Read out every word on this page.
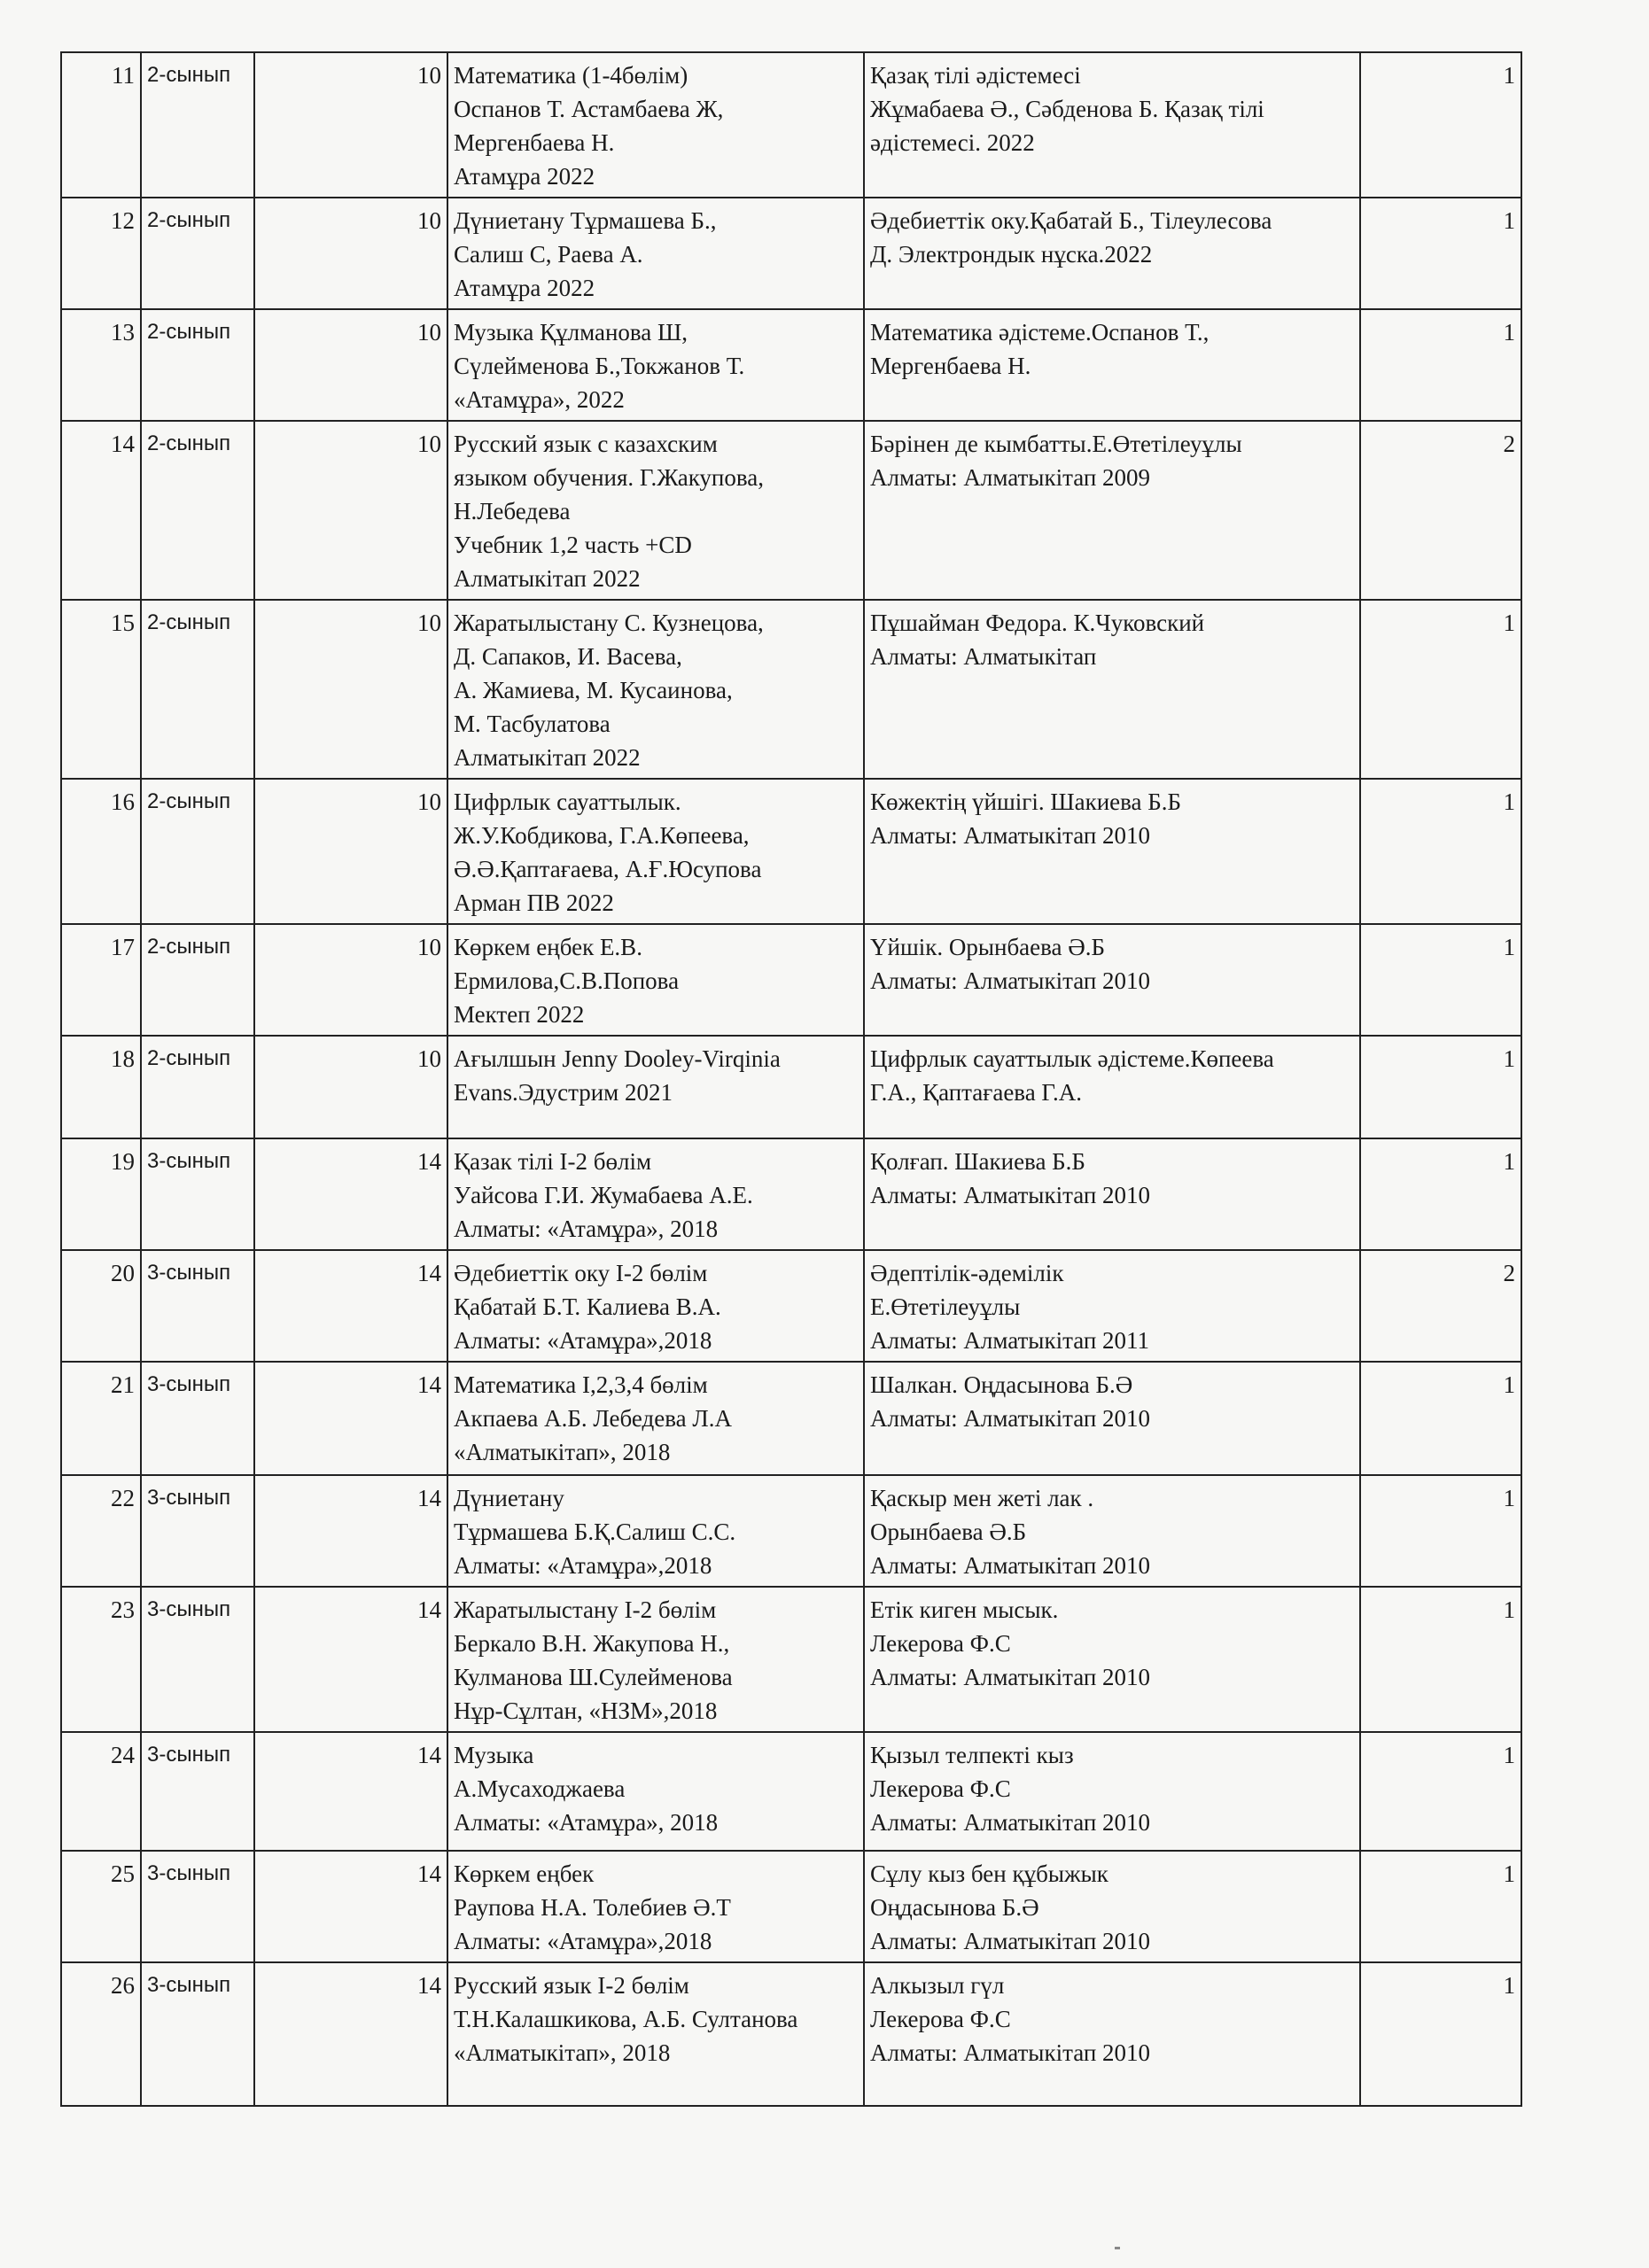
11	2-сынып	10	Математика (1-4бөлім)
Оспанов Т. Астамбаева Ж,
Мергенбаева Н.
Атамұра 2022	Қазақ тілі әдістемесі
Жұмабаева Ә., Сәбденова Б. Қазақ тілі
әдістемесі. 2022	1
12	2-сынып	10	Дүниетану Тұрмашева Б.,
Салиш С, Раева А.
Атамұра 2022	Әдебиеттік оку.Қабатай Б., Тілеулесова
Д. Электрондык нұска.2022	1
13	2-сынып	10	Музыка Құлманова Ш,
Сүлейменова Б.,Токжанов Т.
«Атамұра», 2022	Математика әдістеме.Оспанов Т.,
Мергенбаева Н.	1
14	2-сынып	10	Русский язык с казахским
языком обучения. Г.Жакупова,
Н.Лебедева
Учебник 1,2 часть +CD
Алматыкітап 2022	Бәрінен де кымбатты.Е.Өтетілеуұлы
Алматы: Алматыкітап 2009	2
15	2-сынып	10	Жаратылыстану С. Кузнецова,
Д. Сапаков, И. Васева,
А. Жамиева, М. Кусаинова,
М. Тасбулатова
Алматыкітап 2022	Пұшайман Федора. К.Чуковский
Алматы: Алматыкітап	1
16	2-сынып	10	Цифрлык сауаттылык.
Ж.У.Кобдикова, Г.А.Көпеева,
Ә.Ә.Қаптағаева, А.Ғ.Юсупова
Арман ПВ 2022	Көжектің үйшігі. Шакиева Б.Б
Алматы: Алматыкітап 2010	1
17	2-сынып	10	Көркем еңбек Е.В.
Ермилова,С.В.Попова
Мектеп 2022	Үйшік. Орынбаева Ә.Б
Алматы: Алматыкітап 2010	1
18	2-сынып	10	Ағылшын Jenny Dooley-Virqinia
Evans.Эдустрим 2021	Цифрлык сауаттылык әдістеме.Көпеева
Г.А., Қаптағаева Г.А.	1
19	3-сынып	14	Қазак тілі І-2 бөлім
Уайсова Г.И. Жумабаева А.Е.
Алматы: «Атамұра», 2018	Қолғап. Шакиева Б.Б
Алматы: Алматыкітап 2010	1
20	3-сынып	14	Әдебиеттік оку І-2 бөлім
Қабатай Б.Т. Калиева В.А.
Алматы: «Атамұра»,2018	Әдептілік-әдемілік
Е.Өтетілеуұлы
Алматы: Алматыкітап 2011	2
21	3-сынып	14	Математика І,2,3,4 бөлім
Акпаева А.Б. Лебедева Л.А
«Алматыкітап», 2018	Шалкан. Оңдасынова Б.Ә
Алматы: Алматыкітап 2010	1
22	3-сынып	14	Дүниетану
Тұрмашева Б.Қ.Салиш С.С.
Алматы: «Атамұра»,2018	Қаскыр мен жеті лак .
Орынбаева Ә.Б
Алматы: Алматыкітап 2010	1
23	3-сынып	14	Жаратылыстану І-2 бөлім
Беркало В.Н. Жакупова Н.,
Кулманова Ш.Сулейменова
Нұр-Сұлтан, «НЗМ»,2018	Етік киген мысык.
Лекерова Ф.С
Алматы: Алматыкітап 2010	1
24	3-сынып	14	Музыка
А.Мусаходжаева
Алматы: «Атамұра», 2018	Қызыл телпекті кыз
Лекерова Ф.С
Алматы: Алматыкітап 2010	1
25	3-сынып	14	Көркем еңбек
Раупова Н.А. Толебиев Ә.Т
Алматы: «Атамұра»,2018	Сұлу кыз бен құбыжык
Оңдасынова Б.Ә
Алматы: Алматыкітап 2010	1
26	3-сынып	14	Русский язык І-2 бөлім
Т.Н.Калашкикова, А.Б. Султанова
«Алматыкітап», 2018	Алкызыл гүл
Лекерова Ф.С
Алматы: Алматыкітап 2010	1
